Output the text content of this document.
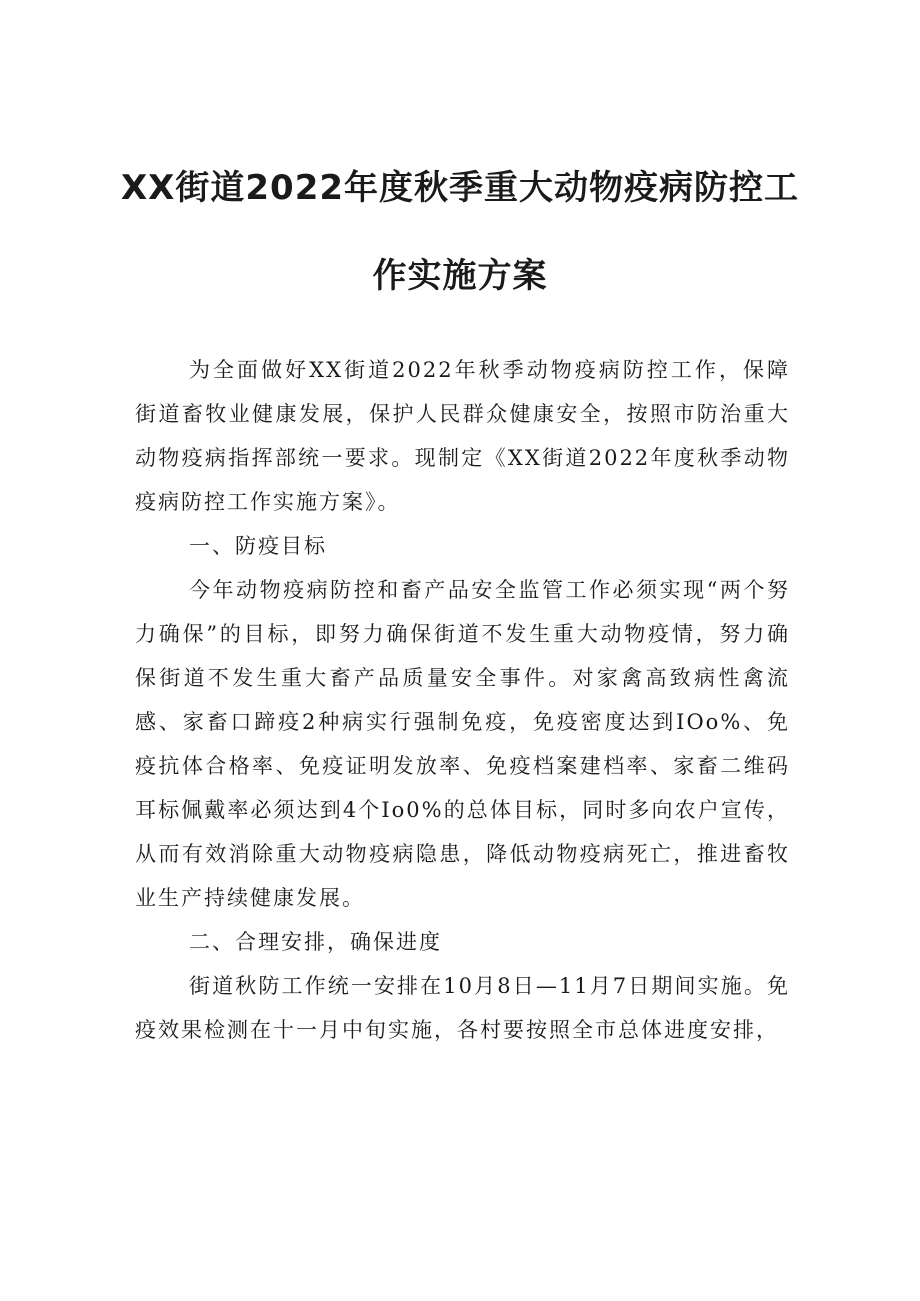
XX街道2022年度秋季重大动物疫病防控工
作实施方案

为全面做好XX街道2022年秋季动物疫病防控工作，保障街道畜牧业健康发展，保护人民群众健康安全，按照市防治重大动物疫病指挥部统一要求。现制定《XX街道2022年度秋季动物疫病防控工作实施方案》。

一、防疫目标

今年动物疫病防控和畜产品安全监管工作必须实现“两个努力确保”的目标，即努力确保街道不发生重大动物疫情，努力确保街道不发生重大畜产品质量安全事件。对家禽高致病性禽流感、家畜口蹄疫2种病实行强制免疫，免疫密度达到IOo%、免疫抗体合格率、免疫证明发放率、免疫档案建档率、家畜二维码耳标佩戴率必须达到4个Io0%的总体目标，同时多向农户宣传，从而有效消除重大动物疫病隐患，降低动物疫病死亡，推进畜牧业生产持续健康发展。

二、合理安排，确保进度

街道秋防工作统一安排在10月8日—11月7日期间实施。免疫效果检测在十一月中旬实施，各村要按照全市总体进度安排，
